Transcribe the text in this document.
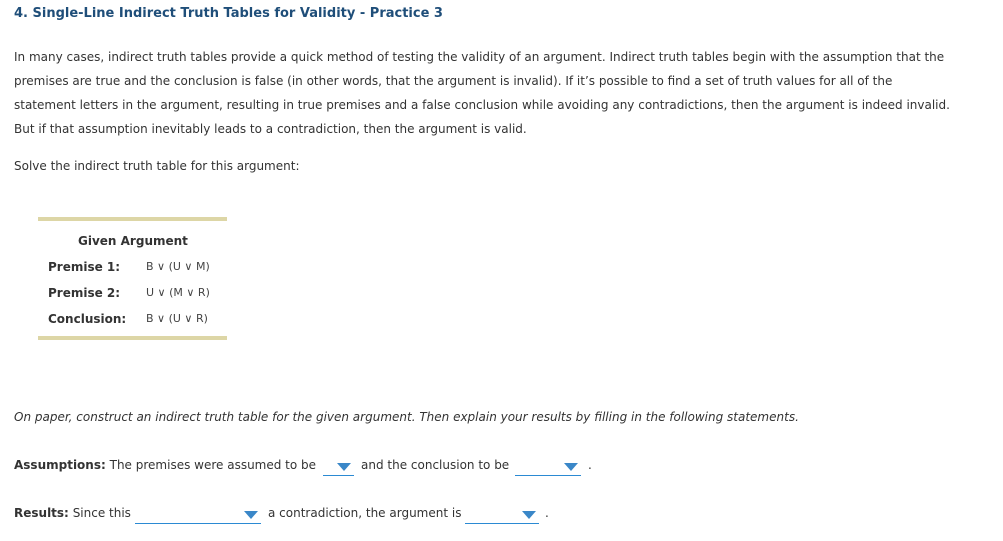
4. Single-Line Indirect Truth Tables for Validity - Practice 3

In many cases, indirect truth tables provide a quick method of testing the validity of an argument. Indirect truth tables begin with the assumption that the premises are true and the conclusion is false (in other words, that the argument is invalid). If it’s possible to find a set of truth values for all of the statement letters in the argument, resulting in true premises and a false conclusion while avoiding any contradictions, then the argument is indeed invalid. But if that assumption inevitably leads to a contradiction, then the argument is valid.

Solve the indirect truth table for this argument:

Given Argument
Premise 1: B ∨ (U ∨ M)
Premise 2: U ∨ (M ∨ R)
Conclusion: B ∨ (U ∨ R)
On paper, construct an indirect truth table for the given argument. Then explain your results by filling in the following statements.
Assumptions: The premises were assumed to be	and the conclusion to be	.
Results: Since this	a contradiction, the argument is	.
